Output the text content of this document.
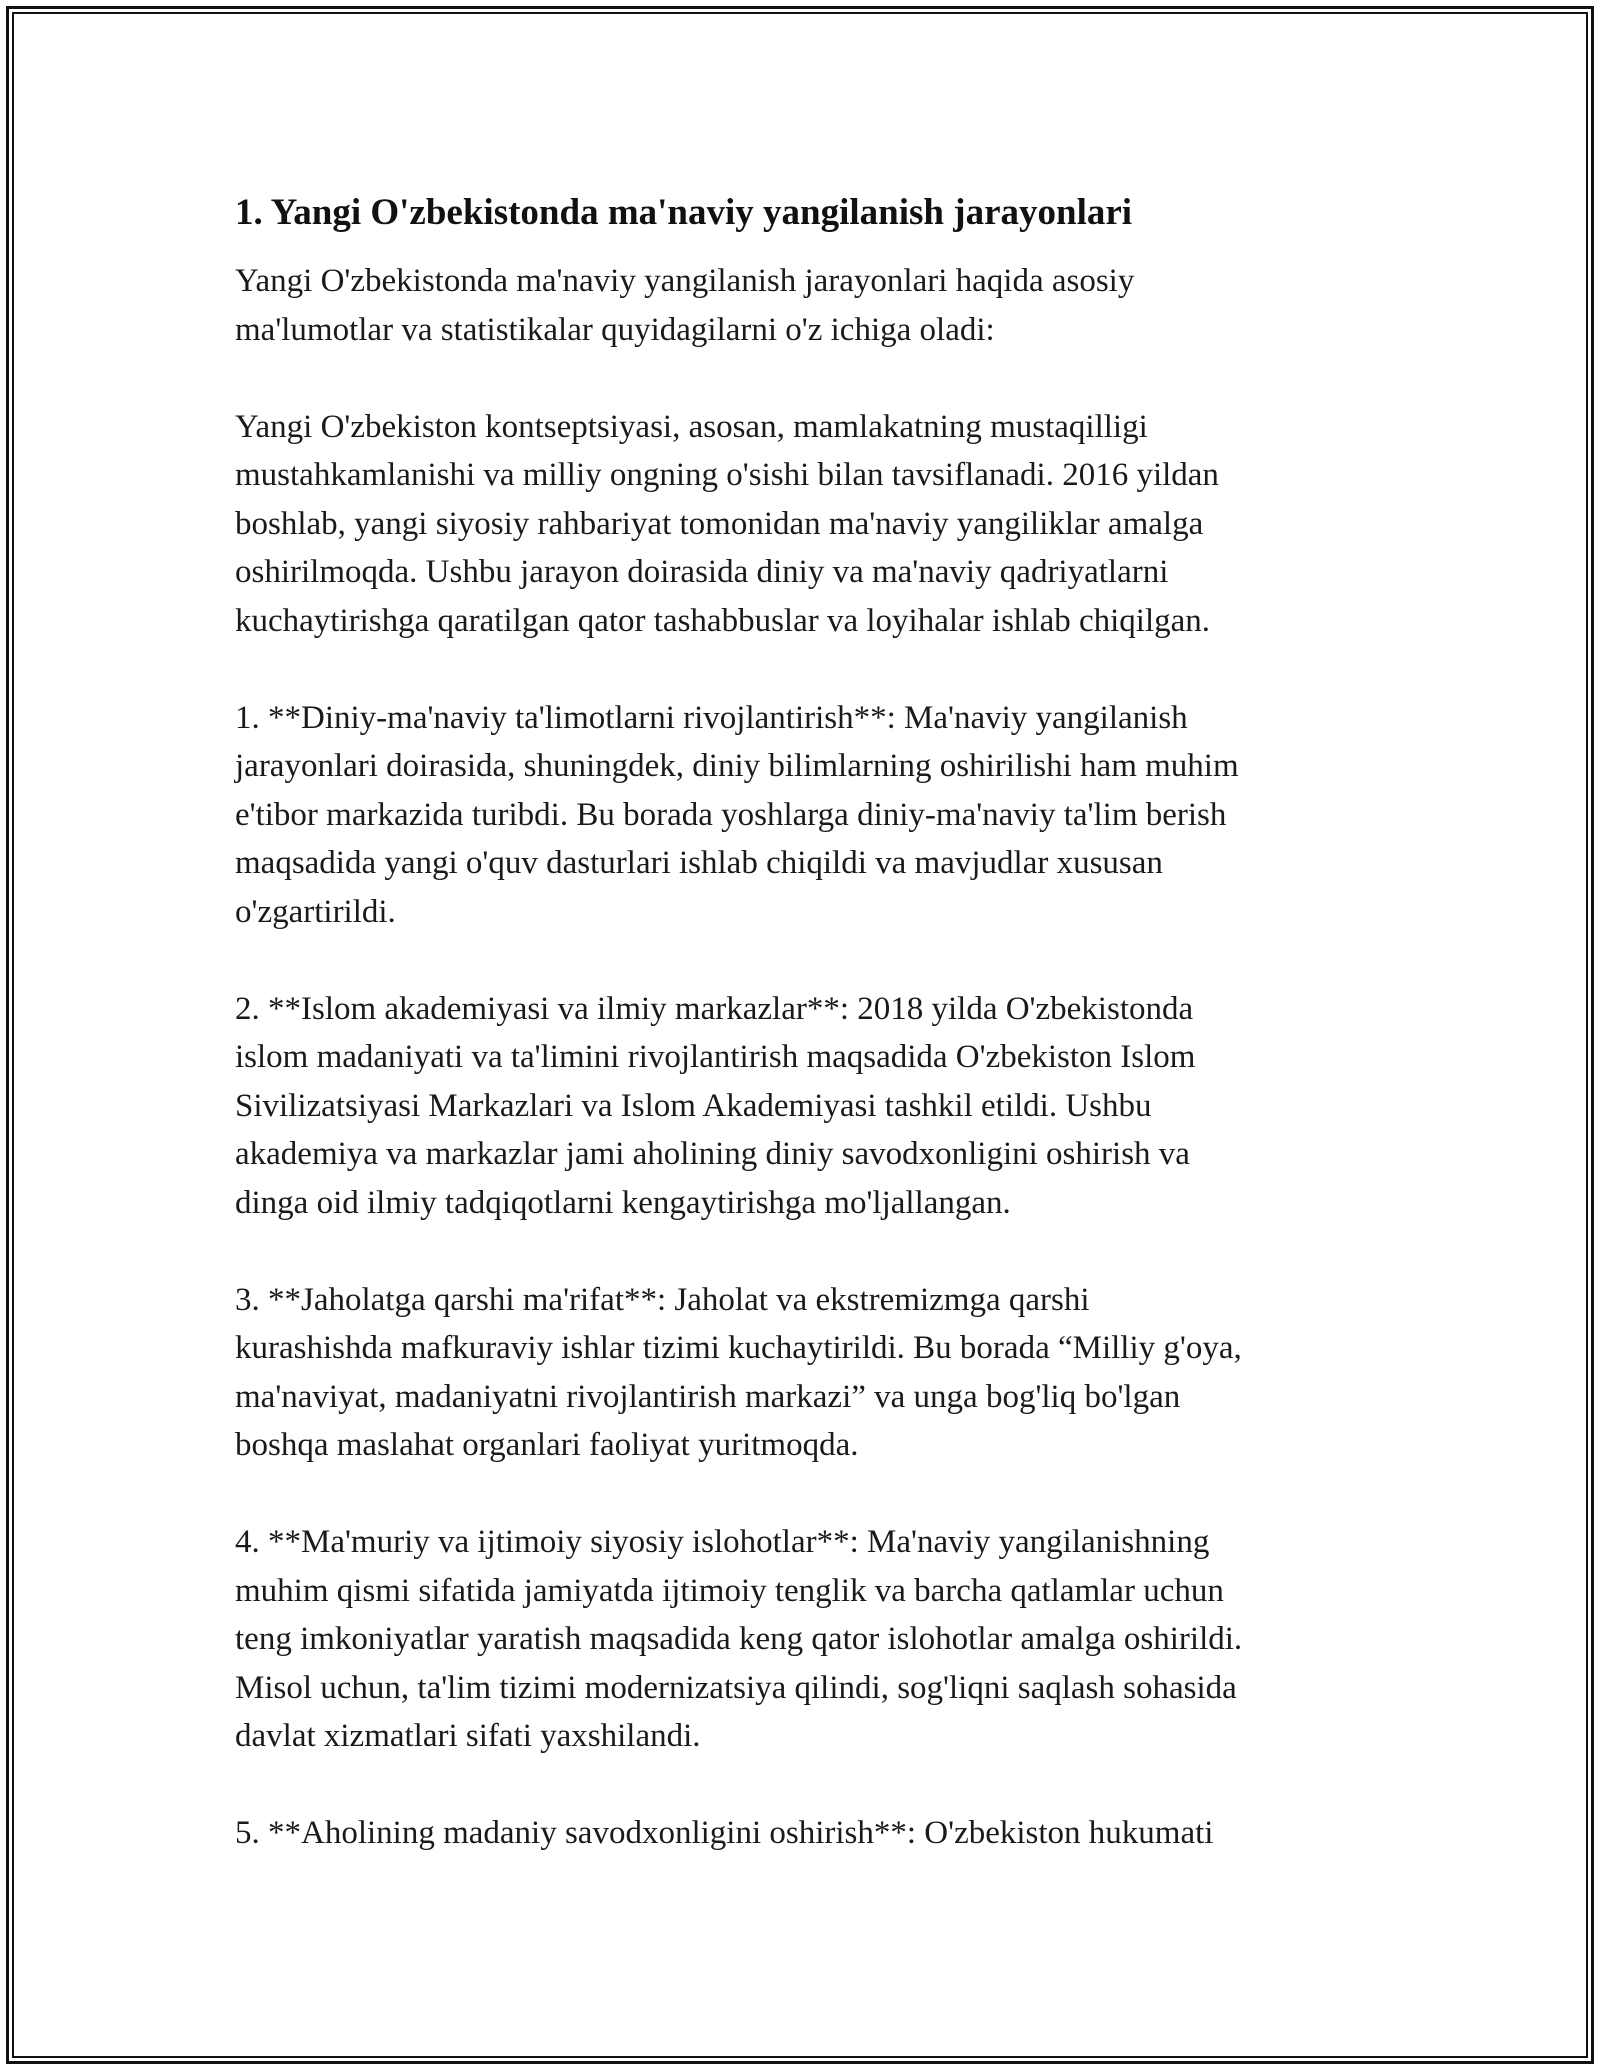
1. Yangi O'zbekistonda ma'naviy yangilanish jarayonlari

Yangi O'zbekistonda ma'naviy yangilanish jarayonlari haqida asosiy
ma'lumotlar va statistikalar quyidagilarni o'z ichiga oladi:

Yangi O'zbekiston kontseptsiyasi, asosan, mamlakatning mustaqilligi
mustahkamlanishi va milliy ongning o'sishi bilan tavsiflanadi. 2016 yildan
boshlab, yangi siyosiy rahbariyat tomonidan ma'naviy yangiliklar amalga
oshirilmoqda. Ushbu jarayon doirasida diniy va ma'naviy qadriyatlarni
kuchaytirishga qaratilgan qator tashabbuslar va loyihalar ishlab chiqilgan.

1. **Diniy-ma'naviy ta'limotlarni rivojlantirish**: Ma'naviy yangilanish
jarayonlari doirasida, shuningdek, diniy bilimlarning oshirilishi ham muhim
e'tibor markazida turibdi. Bu borada yoshlarga diniy-ma'naviy ta'lim berish
maqsadida yangi o'quv dasturlari ishlab chiqildi va mavjudlar xususan
o'zgartirildi.

2. **Islom akademiyasi va ilmiy markazlar**: 2018 yilda O'zbekistonda
islom madaniyati va ta'limini rivojlantirish maqsadida O'zbekiston Islom
Sivilizatsiyasi Markazlari va Islom Akademiyasi tashkil etildi. Ushbu
akademiya va markazlar jami aholining diniy savodxonligini oshirish va
dinga oid ilmiy tadqiqotlarni kengaytirishga mo'ljallangan.

3. **Jaholatga qarshi ma'rifat**: Jaholat va ekstremizmga qarshi
kurashishda mafkuraviy ishlar tizimi kuchaytirildi. Bu borada “Milliy g'oya,
ma'naviyat, madaniyatni rivojlantirish markazi” va unga bog'liq bo'lgan
boshqa maslahat organlari faoliyat yuritmoqda.

4. **Ma'muriy va ijtimoiy siyosiy islohotlar**: Ma'naviy yangilanishning
muhim qismi sifatida jamiyatda ijtimoiy tenglik va barcha qatlamlar uchun
teng imkoniyatlar yaratish maqsadida keng qator islohotlar amalga oshirildi.
Misol uchun, ta'lim tizimi modernizatsiya qilindi, sog'liqni saqlash sohasida
davlat xizmatlari sifati yaxshilandi.

5. **Aholining madaniy savodxonligini oshirish**: O'zbekiston hukumati
